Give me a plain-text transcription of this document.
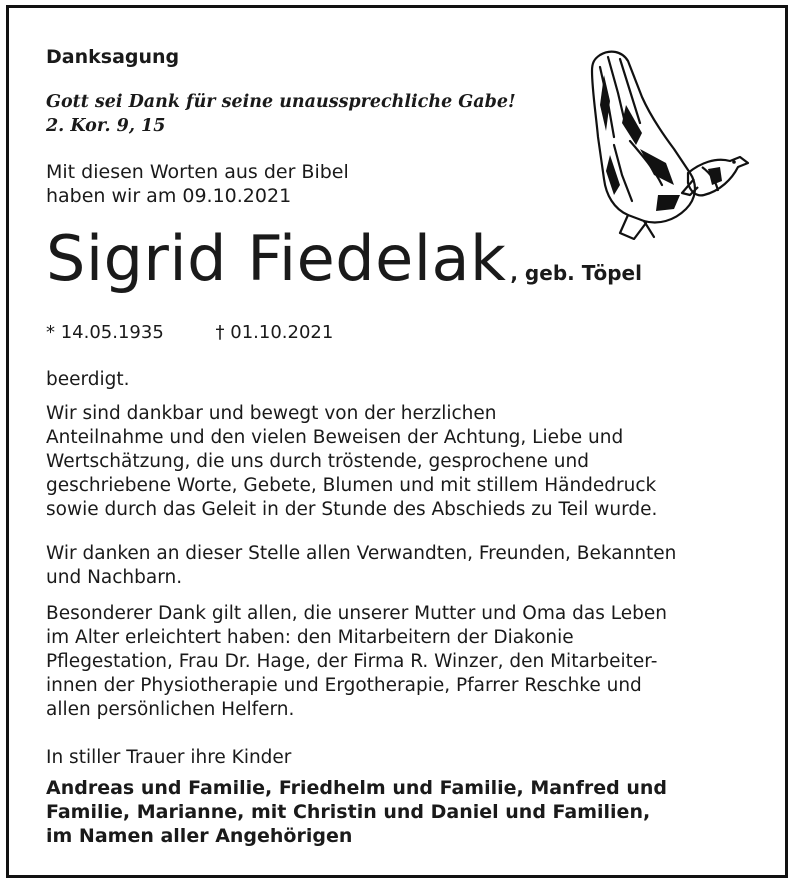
Danksagung
Gott sei Dank für seine unaussprechliche Gabe!
2. Kor. 9, 15
Mit diesen Worten aus der Bibel
haben wir am 09.10.2021
Sigrid Fiedelak , geb. Töpel
* 14.05.1935	† 01.10.2021
beerdigt.
Wir sind dankbar und bewegt von der herzlichen
Anteilnahme und den vielen Beweisen der Achtung, Liebe und
Wertschätzung, die uns durch tröstende, gesprochene und
geschriebene Worte, Gebete, Blumen und mit stillem Händedruck
sowie durch das Geleit in der Stunde des Abschieds zu Teil wurde.
Wir danken an dieser Stelle allen Verwandten, Freunden, Bekannten
und Nachbarn.
Besonderer Dank gilt allen, die unserer Mutter und Oma das Leben
im Alter erleichtert haben: den Mitarbeitern der Diakonie
Pflegestation, Frau Dr. Hage, der Firma R. Winzer, den Mitarbeiter-
innen der Physiotherapie und Ergotherapie, Pfarrer Reschke und
allen persönlichen Helfern.
In stiller Trauer ihre Kinder
Andreas und Familie, Friedhelm und Familie, Manfred und
Familie, Marianne, mit Christin und Daniel und Familien,
im Namen aller Angehörigen
